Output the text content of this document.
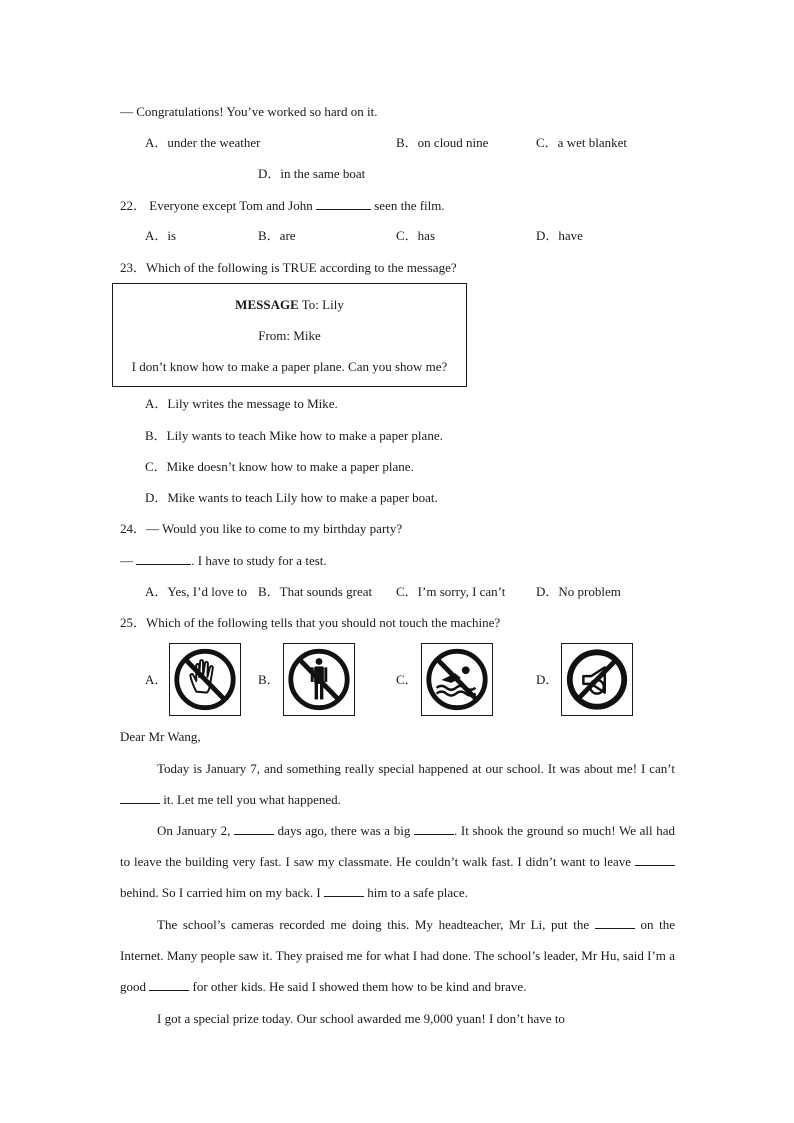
— Congratulations! You’ve worked so hard on it.
A．under the weather	B．on cloud nine	C．a wet blanket
D．in the same boat
22． Everyone except Tom and John	seen the film.
A．is	B．are	C．has	D．have
23．Which of the following is TRUE according to the message?
MESSAGE To: Lily
From: Mike
I don’t know how to make a paper plane. Can you show me?
A．Lily writes the message to Mike.
B．Lily wants to teach Mike how to make a paper plane.
C．Mike doesn’t know how to make a paper plane.
D．Mike wants to teach Lily how to make a paper boat.
24．— Would you like to come to my birthday party?
—	. I have to study for a test.
A．Yes, I’d love to B．That sounds great C．I’m sorry, I can’t D．No problem
25．Which of the following tells that you should not touch the machine?
A．	B．	C．	D．
Dear Mr Wang,
Today is January 7, and something really special happened at our school. It was about me! I can’t  it. Let me tell you what happened.
On January 2,	days ago, there was a big	. It shook the ground so much! We all had to leave the building very fast. I saw my classmate. He couldn’t walk fast. I didn’t want to leave  behind. So I carried him on my back. I	him to a safe place.
The school’s cameras recorded me doing this. My headteacher, Mr Li, put the	on the Internet. Many people saw it. They praised me for what I had done. The school’s leader, Mr Hu, said I’m a good	for other kids. He said I showed them how to be kind and brave.
I got a special prize today. Our school awarded me 9,000 yuan! I don’t have to
